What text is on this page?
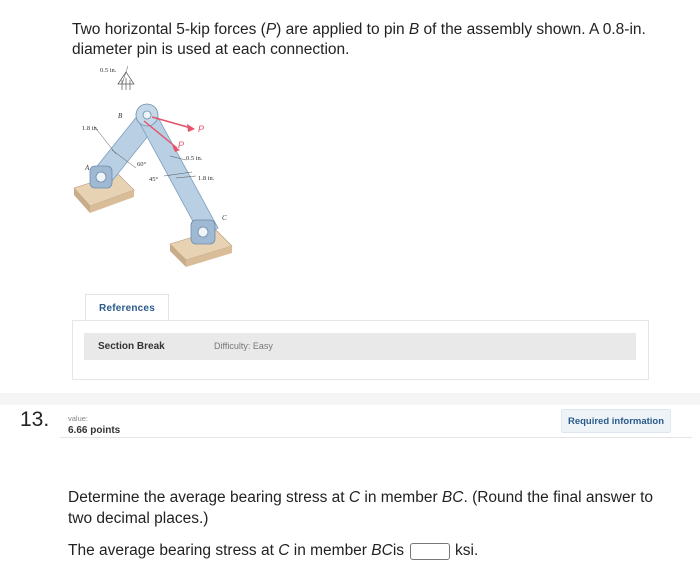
Two horizontal 5-kip forces (P) are applied to pin B of the assembly shown. A 0.8-in. diameter pin is used at each connection.
0.5 in.
1.8 in.
0.5 in.
1.8 in.
60°
45°
A
B
C
P
P
References
Section Break	Difficulty: Easy
13.	value:
6.66 points
Required information
Determine the average bearing stress at C in member BC. (Round the final answer to two decimal places.)
The average bearing stress at
C
in member
BC is	ksi.
